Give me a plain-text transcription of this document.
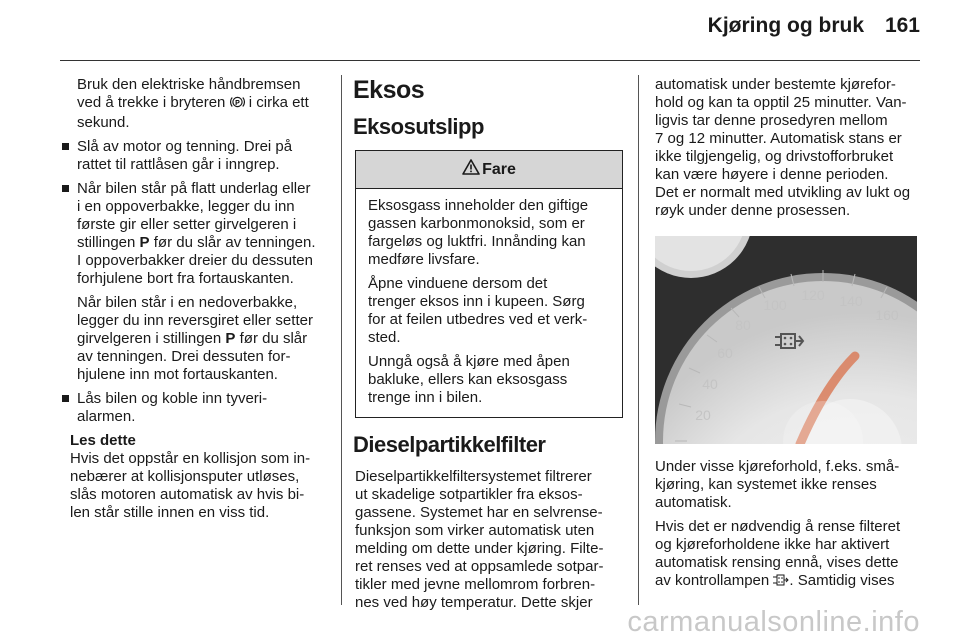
Kjøring og bruk 161

Bruk den elektriske håndbremsen
ved å trekke i bryteren P i cirka ett sekund.

Slå av motor og tenning. Drei på
rattet til rattlåsen går i inngrep.
Når bilen står på flatt underlag eller
i en oppoverbakke, legger du inn
første gir eller setter girvelgeren i
stillingen P før du slår av tenningen.
I oppoverbakker dreier du dessuten
forhjulene bort fra fortauskanten.

Når bilen står i en nedoverbakke,
legger du inn reversgiret eller setter
girvelgeren i stillingen P før du slår
av tenningen. Drei dessuten for-
hjulene inn mot fortauskanten.

Lås bilen og koble inn tyveri-
alarmen.
Les dette
Hvis det oppstår en kollisjon som in-
nebærer at kollisjonsputer utløses,
slås motoren automatisk av hvis bi-
len står stille innen en viss tid.
Eksos
Eksosutslipp
Fare

Eksosgass inneholder den giftige
gassen karbonmonoksid, som er
fargeløs og luktfri. Innånding kan
medføre livsfare.

Åpne vinduene dersom det
trenger eksos inn i kupeen. Sørg
for at feilen utbedres ved et verk-
sted.

Unngå også å kjøre med åpen
bakluke, ellers kan eksosgass
trenge inn i bilen.

Dieselpartikkelfilter

Dieselpartikkelfiltersystemet filtrerer
ut skadelige sotpartikler fra eksos-
gassene. Systemet har en selvrense-
funksjon som virker automatisk uten
melding om dette under kjøring. Filte-
ret renses ved at oppsamlede sotpar-
tikler med jevne mellomrom forbren-
nes ved høy temperatur. Dette skjer

automatisk under bestemte kjørefor-
hold og kan ta opptil 25 minutter. Van-
ligvis tar denne prosedyren mellom
7 og 12 minutter. Automatisk stans er
ikke tilgjengelig, og drivstofforbruket
kan være høyere i denne perioden.
Det er normalt med utvikling av lukt og
røyk under denne prosessen.

20
40
60
80
100
120 140
160

Under visse kjøreforhold, f.eks. små-
kjøring, kan systemet ikke renses
automatisk.

Hvis det er nødvendig å rense filteret
og kjøreforholdene ikke har aktivert
automatisk rensing ennå, vises dette
av kontrollampen . Samtidig vises

carmanualsonline.info
